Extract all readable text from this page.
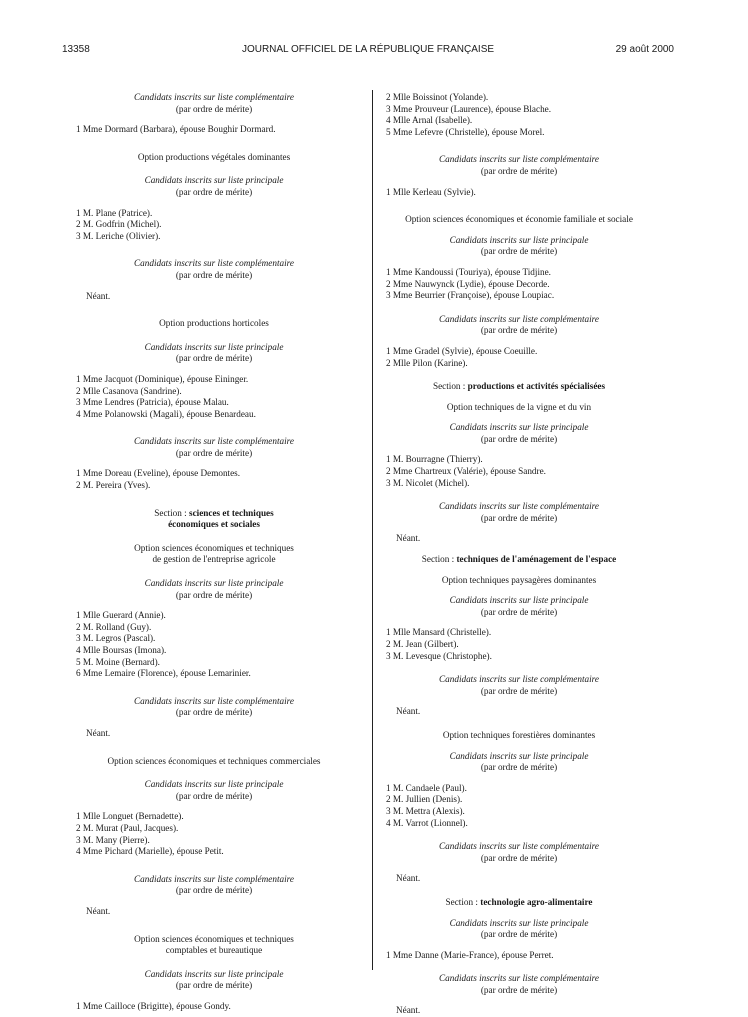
13358	JOURNAL OFFICIEL DE LA RÉPUBLIQUE FRANÇAISE	29 août 2000
Candidats inscrits sur liste complémentaire
(par ordre de mérite)
1 Mme Dormard (Barbara), épouse Boughir Dormard.
Option productions végétales dominantes
Candidats inscrits sur liste principale
(par ordre de mérite)
1 M. Plane (Patrice).
2 M. Godfrin (Michel).
3 M. Leriche (Olivier).
Candidats inscrits sur liste complémentaire
(par ordre de mérite)
Néant.
Option productions horticoles
Candidats inscrits sur liste principale
(par ordre de mérite)
1 Mme Jacquot (Dominique), épouse Eininger.
2 Mlle Casanova (Sandrine).
3 Mme Lendres (Patricia), épouse Malau.
4 Mme Polanowski (Magali), épouse Benardeau.
Candidats inscrits sur liste complémentaire
(par ordre de mérite)
1 Mme Doreau (Eveline), épouse Demontes.
2 M. Pereira (Yves).
Section : sciences et techniques
économiques et sociales
Option sciences économiques et techniques
de gestion de l'entreprise agricole
Candidats inscrits sur liste principale
(par ordre de mérite)
1 Mlle Guerard (Annie).
2 M. Rolland (Guy).
3 M. Legros (Pascal).
4 Mlle Boursas (Imona).
5 M. Moine (Bernard).
6 Mme Lemaire (Florence), épouse Lemarinier.
Candidats inscrits sur liste complémentaire
(par ordre de mérite)
Néant.
Option sciences économiques et techniques commerciales
Candidats inscrits sur liste principale
(par ordre de mérite)
1 Mlle Longuet (Bernadette).
2 M. Murat (Paul, Jacques).
3 M. Many (Pierre).
4 Mme Pichard (Marielle), épouse Petit.
Candidats inscrits sur liste complémentaire
(par ordre de mérite)
Néant.
Option sciences économiques et techniques
comptables et bureautique
Candidats inscrits sur liste principale
(par ordre de mérite)
1 Mme Cailloce (Brigitte), épouse Gondy.
2 Mlle Boissinot (Yolande).
3 Mme Prouveur (Laurence), épouse Blache.
4 Mlle Arnal (Isabelle).
5 Mme Lefevre (Christelle), épouse Morel.
Candidats inscrits sur liste complémentaire
(par ordre de mérite)
1 Mlle Kerleau (Sylvie).
Option sciences économiques et économie familiale et sociale
Candidats inscrits sur liste principale
(par ordre de mérite)
1 Mme Kandoussi (Touriya), épouse Tidjine.
2 Mme Nauwynck (Lydie), épouse Decorde.
3 Mme Beurrier (Françoise), épouse Loupiac.
Candidats inscrits sur liste complémentaire
(par ordre de mérite)
1 Mme Gradel (Sylvie), épouse Coeuille.
2 Mlle Pilon (Karine).
Section : productions et activités spécialisées
Option techniques de la vigne et du vin
Candidats inscrits sur liste principale
(par ordre de mérite)
1 M. Bourragne (Thierry).
2 Mme Chartreux (Valérie), épouse Sandre.
3 M. Nicolet (Michel).
Candidats inscrits sur liste complémentaire
(par ordre de mérite)
Néant.
Section : techniques de l'aménagement de l'espace
Option techniques paysagères dominantes
Candidats inscrits sur liste principale
(par ordre de mérite)
1 Mlle Mansard (Christelle).
2 M. Jean (Gilbert).
3 M. Levesque (Christophe).
Candidats inscrits sur liste complémentaire
(par ordre de mérite)
Néant.
Option techniques forestières dominantes
Candidats inscrits sur liste principale
(par ordre de mérite)
1 M. Candaele (Paul).
2 M. Jullien (Denis).
3 M. Mettra (Alexis).
4 M. Varrot (Lionnel).
Candidats inscrits sur liste complémentaire
(par ordre de mérite)
Néant.
Section : technologie agro-alimentaire
Candidats inscrits sur liste principale
(par ordre de mérite)
1 Mme Danne (Marie-France), épouse Perret.
Candidats inscrits sur liste complémentaire
(par ordre de mérite)
Néant.
